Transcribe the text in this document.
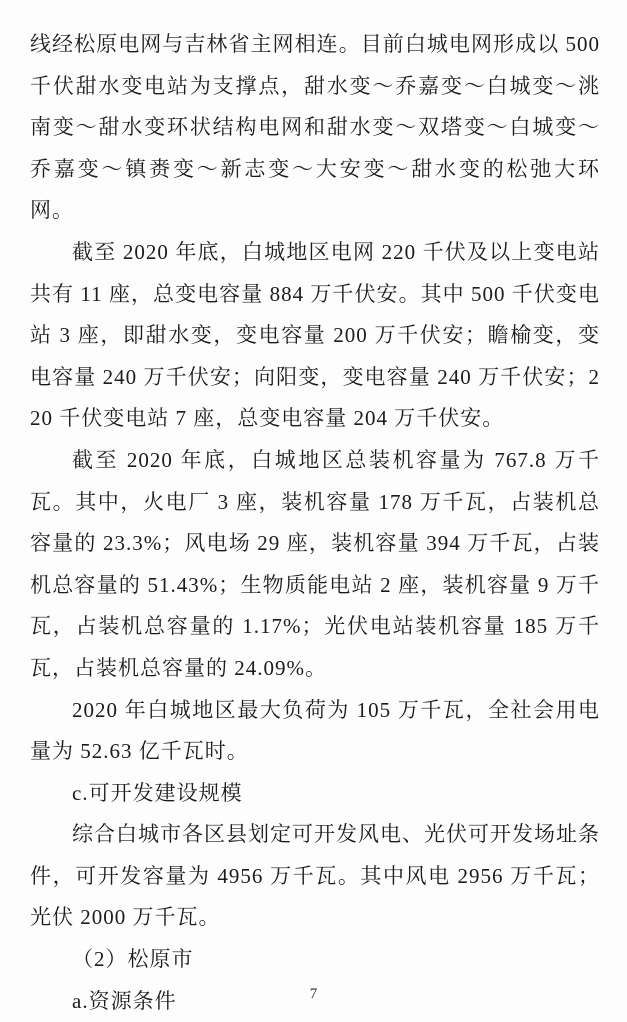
线经松原电网与吉林省主网相连。目前白城电网形成以 500 千伏甜水变电站为支撑点，甜水变～乔嘉变～白城变～洮南变～甜水变环状结构电网和甜水变～双塔变～白城变～乔嘉变～镇赉变～新志变～大安变～甜水变的松弛大环网。

截至 2020 年底，白城地区电网 220 千伏及以上变电站共有 11 座，总变电容量 884 万千伏安。其中 500 千伏变电站 3 座，即甜水变，变电容量 200 万千伏安；瞻榆变，变电容量 240 万千伏安；向阳变，变电容量 240 万千伏安；220 千伏变电站 7 座，总变电容量 204 万千伏安。

截至 2020 年底，白城地区总装机容量为 767.8 万千瓦。其中，火电厂 3 座，装机容量 178 万千瓦，占装机总容量的 23.3%；风电场 29 座，装机容量 394 万千瓦，占装机总容量的 51.43%；生物质能电站 2 座，装机容量 9 万千瓦，占装机总容量的 1.17%；光伏电站装机容量 185 万千瓦，占装机总容量的 24.09%。

2020 年白城地区最大负荷为 105 万千瓦，全社会用电量为 52.63 亿千瓦时。

c.可开发建设规模

综合白城市各区县划定可开发风电、光伏可开发场址条件，可开发容量为 4956 万千瓦。其中风电 2956 万千瓦；光伏 2000 万千瓦。

（2）松原市

a.资源条件	7
